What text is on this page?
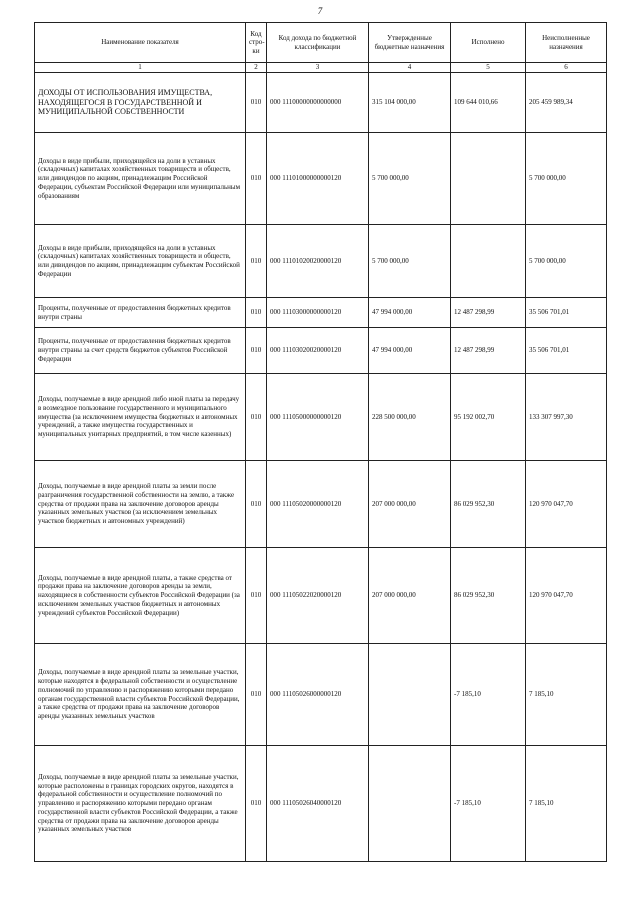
7
Наименование показателя	Код стро-ки	Код дохода по бюджетной классификации	Утвержденные бюджетные назначения	Исполнено	Неисполненные назначения
1	2	3	4	5	6
ДОХОДЫ ОТ ИСПОЛЬЗОВАНИЯ ИМУЩЕСТВА, НАХОДЯЩЕГОСЯ В ГОСУДАРСТВЕННОЙ И МУНИЦИПАЛЬНОЙ СОБСТВЕННОСТИ	010	000 11100000000000000	315 104 000,00	109 644 010,66	205 459 989,34
Доходы в виде прибыли, приходящейся на доли в уставных (складочных) капиталах хозяйственных товариществ и обществ, или дивидендов по акциям, принадлежащим Российской Федерации, субъектам Российской Федерации или муниципальным образованиям	010	000 11101000000000120	5 700 000,00		5 700 000,00
Доходы в виде прибыли, приходящейся на доли в уставных (складочных) капиталах хозяйственных товариществ и обществ, или дивидендов по акциям, принадлежащим субъектам Российской Федерации	010	000 11101020020000120	5 700 000,00		5 700 000,00
Проценты, полученные от предоставления бюджетных кредитов внутри страны	010	000 11103000000000120	47 994 000,00	12 487 298,99	35 506 701,01
Проценты, полученные от предоставления бюджетных кредитов внутри страны за счет средств бюджетов субъектов Российской Федерации	010	000 11103020020000120	47 994 000,00	12 487 298,99	35 506 701,01
Доходы, получаемые в виде арендной либо иной платы за передачу в возмездное пользование государственного и муниципального имущества (за исключением имущества бюджетных и автономных учреждений, а также имущества государственных и муниципальных унитарных предприятий, в том числе казенных)	010	000 11105000000000120	228 500 000,00	95 192 002,70	133 307 997,30
Доходы, получаемые в виде арендной платы за земли после разграничения государственной собственности на землю, а также средства от продажи права на заключение договоров аренды указанных земельных участков (за исключением земельных участков бюджетных и автономных учреждений)	010	000 11105020000000120	207 000 000,00	86 029 952,30	120 970 047,70
Доходы, получаемые в виде арендной платы, а также средства от продажи права на заключение договоров аренды за земли, находящиеся в собственности субъектов Российской Федерации (за исключением земельных участков бюджетных и автономных учреждений субъектов Российской Федерации)	010	000 11105022020000120	207 000 000,00	86 029 952,30	120 970 047,70
Доходы, получаемые в виде арендной платы за земельные участки, которые находятся в федеральной собственности и осуществление полномочий по управлению и распоряжению которыми передано органам государственной власти субъектов Российской Федерации, а также средства от продажи права на заключение договоров аренды указанных земельных участков	010	000 11105026000000120		-7 185,10	7 185,10
Доходы, получаемые в виде арендной платы за земельные участки, которые расположены в границах городских округов, находятся в федеральной собственности и осуществление полномочий по управлению и распоряжению которыми передано органам государственной власти субъектов Российской Федерации, а также средства от продажи права на заключение договоров аренды указанных земельных участков	010	000 11105026040000120		-7 185,10	7 185,10
